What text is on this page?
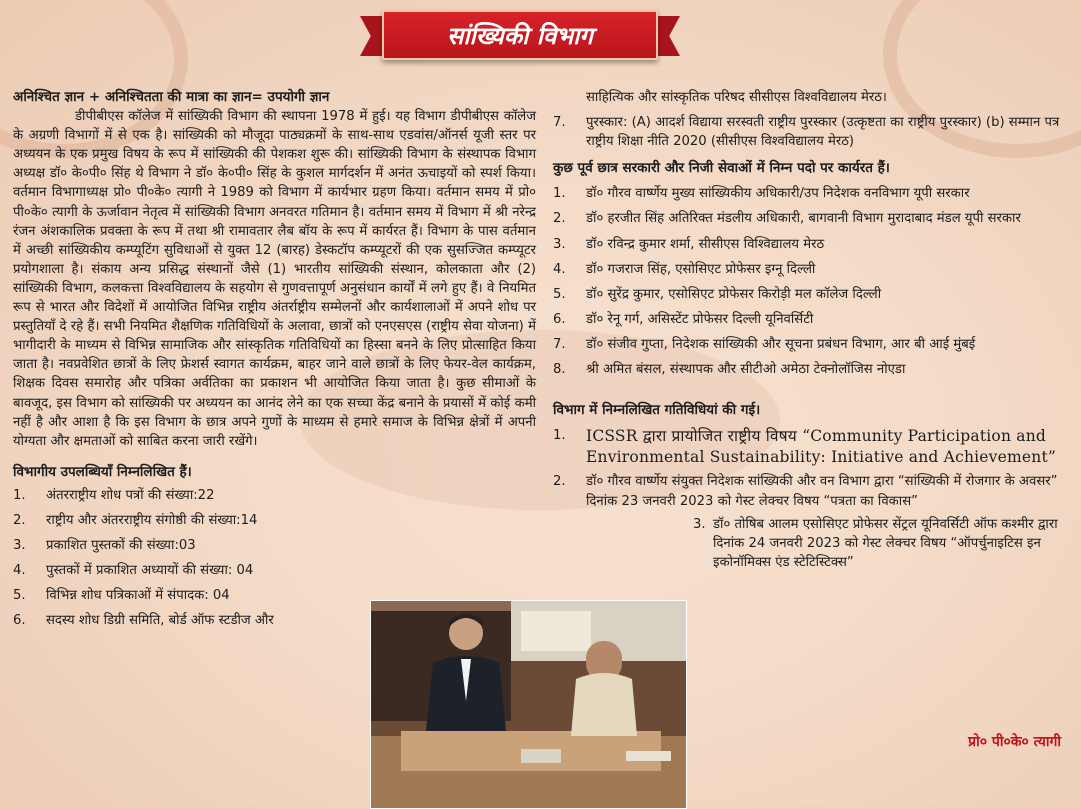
सांख्यिकी विभाग

अनिश्चित ज्ञान + अनिश्चितता की मात्रा का ज्ञान= उपयोगी ज्ञान

डीपीबीएस कॉलेज में सांख्यिकी विभाग की स्थापना 1978 में हुई। यह विभाग डीपीबीएस कॉलेज के अग्रणी विभागों में से एक है। सांख्यिकी को मौजूदा पाठ्यक्रमों के साथ-साथ एडवांस/ऑनर्स यूजी स्तर पर अध्ययन के एक प्रमुख विषय के रूप में सांख्यिकी की पेशकश शुरू की। सांख्यिकी विभाग के संस्थापक विभाग अध्यक्ष डॉ० के०पी० सिंह थे विभाग ने डॉ० के०पी० सिंह के कुशल मार्गदर्शन में अनंत ऊचाइयों को स्पर्श किया। वर्तमान विभागाध्यक्ष प्रो० पी०के० त्यागी ने 1989 को विभाग में कार्यभार ग्रहण किया। वर्तमान समय में प्रो० पी०के० त्यागी के ऊर्जावान नेतृत्व में सांख्यिकी विभाग अनवरत गतिमान है। वर्तमान समय में विभाग में श्री नरेन्द्र रंजन अंशकालिक प्रवक्ता के रूप में तथा श्री रामावतार लैब बॉय के रूप में कार्यरत हैं। विभाग के पास वर्तमान में अच्छी सांख्यिकीय कम्प्यूटिंग सुविधाओं से युक्त 12 (बारह) डेस्कटॉप कम्प्यूटरों की एक सुसज्जित कम्प्यूटर प्रयोगशाला है। संकाय अन्य प्रसिद्ध संस्थानों जैसे (1) भारतीय सांख्यिकी संस्थान, कोलकाता और (2) सांख्यिकी विभाग, कलकत्ता विश्वविद्यालय के सहयोग से गुणवत्तापूर्ण अनुसंधान कार्यों में लगे हुए हैं। वे नियमित रूप से भारत और विदेशों में आयोजित विभिन्न राष्ट्रीय अंतर्राष्ट्रीय सम्मेलनों और कार्यशालाओं में अपने शोध पर प्रस्तुतियाँ दे रहे हैं। सभी नियमित शैक्षणिक गतिविधियों के अलावा, छात्रों को एनएसएस (राष्ट्रीय सेवा योजना) में भागीदारी के माध्यम से विभिन्न सामाजिक और सांस्कृतिक गतिविधियों का हिस्सा बनने के लिए प्रोत्साहित किया जाता है। नवप्रवेशित छात्रों के लिए फ्रेशर्स स्वागत कार्यक्रम, बाहर जाने वाले छात्रों के लिए फेयर-वेल कार्यक्रम, शिक्षक दिवस समारोह और पत्रिका अर्वतिका का प्रकाशन भी आयोजित किया जाता है। कुछ सीमाओं के बावजूद, इस विभाग को सांख्यिकी पर अध्ययन का आनंद लेने का एक सच्चा केंद्र बनाने के प्रयासों में कोई कमी नहीं है और आशा है कि इस विभाग के छात्र अपने गुणों के माध्यम से हमारे समाज के विभिन्न क्षेत्रों में अपनी योग्यता और क्षमताओं को साबित करना जारी रखेंगे।

विभागीय उपलब्धियाँ निम्नलिखित हैं।

1. अंतरराष्ट्रीय शोध पत्रों की संख्या:22
2. राष्ट्रीय और अंतरराष्ट्रीय संगोष्ठी की संख्या:14
3. प्रकाशित पुस्तकों की संख्या:03
4. पुस्तकों में प्रकाशित अध्यायों की संख्या: 04
5. विभिन्न शोध पत्रिकाओं में संपादक: 04
6. सदस्य शोध डिग्री समिति, बोर्ड ऑफ स्टडीज और

साहित्यिक और सांस्कृतिक परिषद सीसीएस विश्वविद्यालय मेरठ।

7. पुरस्कार: (A) आदर्श विद्याया सरस्वती राष्ट्रीय पुरस्कार (उत्कृष्टता का राष्ट्रीय पुरस्कार) (b) सम्मान पत्र राष्ट्रीय शिक्षा नीति 2020 (सीसीएस विश्वविद्यालय मेरठ)

कुछ पूर्व छात्र सरकारी और निजी सेवाओं में निम्न पदो पर कार्यरत हैं।

1. डॉ० गौरव वार्ष्णेय मुख्य सांख्यिकीय अधिकारी/उप निदेशक वनविभाग यूपी सरकार
2. डॉ० हरजीत सिंह अतिरिक्त मंडलीय अधिकारी, बागवानी विभाग मुरादाबाद मंडल यूपी सरकार
3. डॉ० रविन्द्र कुमार शर्मा, सीसीएस विश्विद्यालय मेरठ
4. डॉ० गजराज सिंह, एसोसिएट प्रोफेसर इग्नू दिल्ली
5. डॉ० सुरेंद्र कुमार, एसोसिएट प्रोफेसर किरोड़ी मल कॉलेज दिल्ली
6. डॉ० रेनू गर्ग, असिस्टेंट प्रोफेसर दिल्ली यूनिवर्सिटी
7. डॉ० संजीव गुप्ता, निदेशक सांख्यिकी और सूचना प्रबंधन विभाग, आर बी आई मुंबई
8. श्री अमित बंसल, संस्थापक और सीटीओ अमेठा टेक्नोलॉजिस नोएडा

विभाग में निम्नलिखित गतिविधियां की गई।

1. ICSSR द्वारा प्रायोजित राष्ट्रीय विषय “Community Participation and Environmental Sustainability: Initiative and Achievement”
2. डॉ० गौरव वार्ष्णेय संयुक्त निदेशक सांख्यिकी और वन विभाग द्वारा “सांख्यिकी में रोजगार के अवसर” दिनांक 23 जनवरी 2023 को गेस्ट लेक्चर विषय “पत्रता का विकास”
3. डॉ० तोषिब आलम एसोसिएट प्रोफेसर सेंट्रल यूनिवर्सिटी ऑफ कश्मीर द्वारा दिनांक 24 जनवरी 2023 को गेस्ट लेक्चर विषय “ऑपर्चुनाइटिस इन इकोनॉमिक्स एंड स्टेटिस्टिक्स”
प्रो० पी०के० त्यागी
